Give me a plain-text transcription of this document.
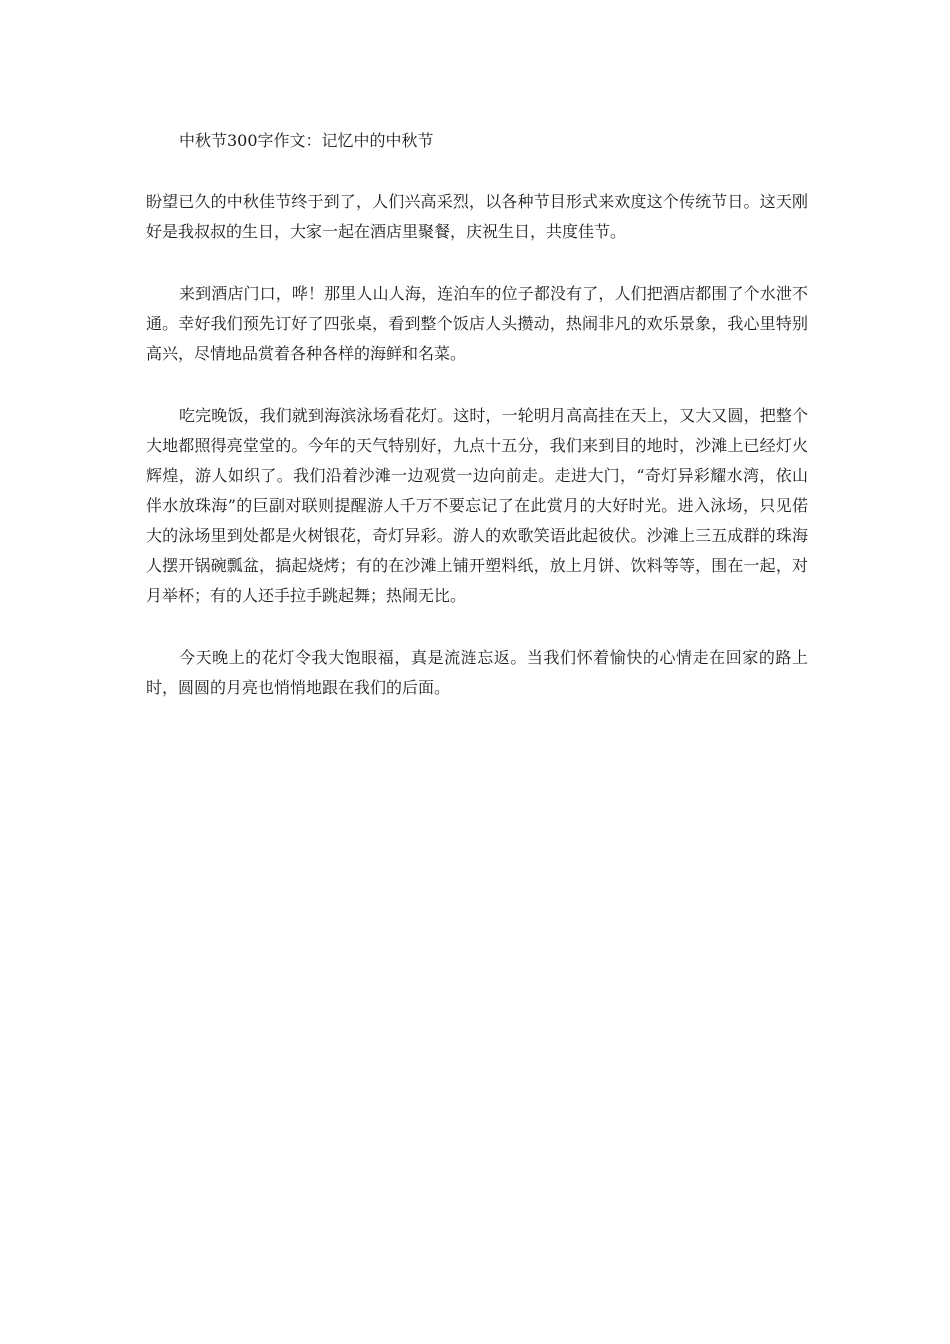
中秋节300字作文：记忆中的中秋节

盼望已久的中秋佳节终于到了，人们兴高采烈，以各种节目形式来欢度这个传统节日。这天刚好是我叔叔的生日，大家一起在酒店里聚餐，庆祝生日，共度佳节。

来到酒店门口，哗！那里人山人海，连泊车的位子都没有了，人们把酒店都围了个水泄不通。幸好我们预先订好了四张桌，看到整个饭店人头攒动，热闹非凡的欢乐景象，我心里特别高兴，尽情地品赏着各种各样的海鲜和名菜。

吃完晚饭，我们就到海滨泳场看花灯。这时，一轮明月高高挂在天上，又大又圆，把整个大地都照得亮堂堂的。今年的天气特别好，九点十五分，我们来到目的地时，沙滩上已经灯火辉煌，游人如织了。我们沿着沙滩一边观赏一边向前走。走进大门，“奇灯异彩耀水湾，依山伴水放珠海”的巨副对联则提醒游人千万不要忘记了在此赏月的大好时光。进入泳场，只见偌大的泳场里到处都是火树银花，奇灯异彩。游人的欢歌笑语此起彼伏。沙滩上三五成群的珠海人摆开锅碗瓢盆，搞起烧烤；有的在沙滩上铺开塑料纸，放上月饼、饮料等等，围在一起，对月举杯；有的人还手拉手跳起舞；热闹无比。

今天晚上的花灯令我大饱眼福，真是流涟忘返。当我们怀着愉快的心情走在回家的路上时，圆圆的月亮也悄悄地跟在我们的后面。
